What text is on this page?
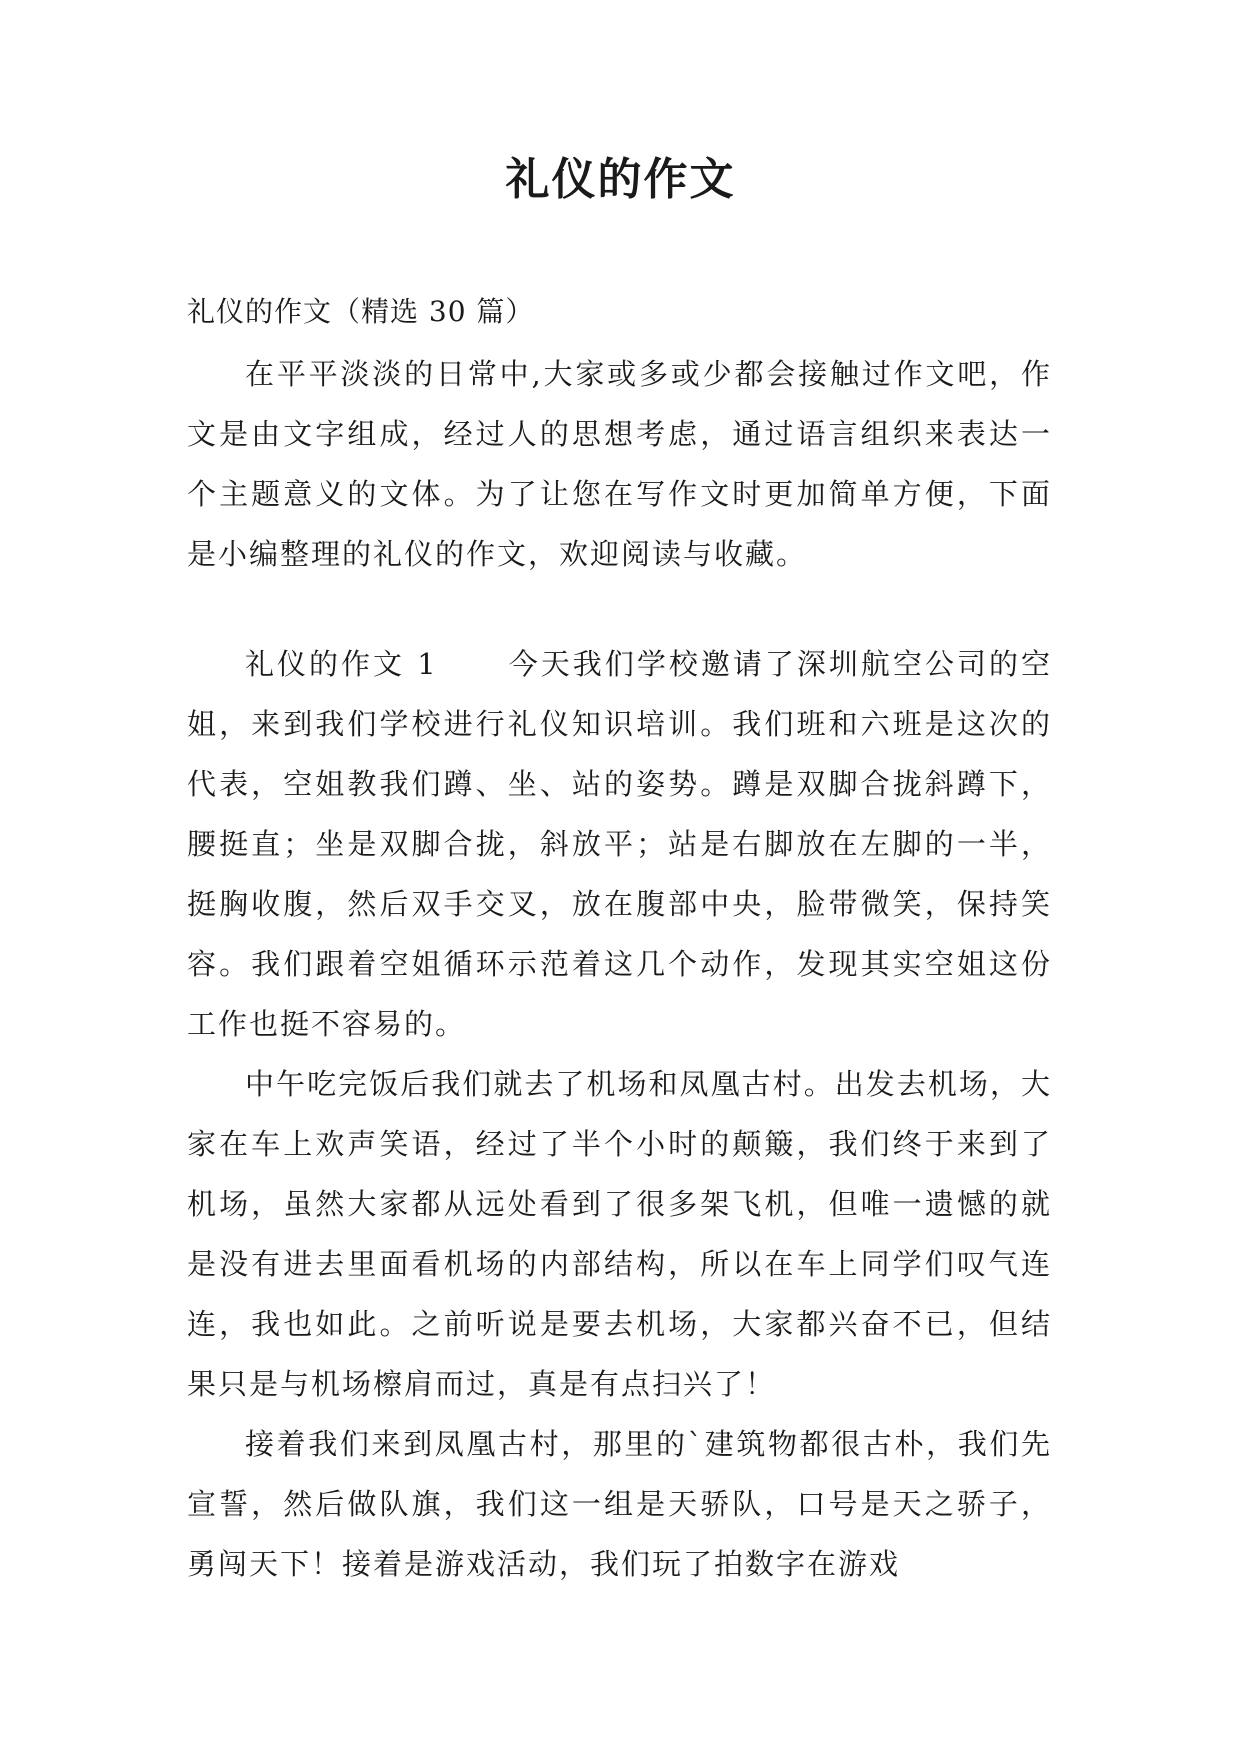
礼仪的作文

礼仪的作文（精选 30 篇）

在平平淡淡的日常中,大家或多或少都会接触过作文吧，作文是由文字组成，经过人的思想考虑，通过语言组织来表达一个主题意义的文体。为了让您在写作文时更加简单方便，下面是小编整理的礼仪的作文，欢迎阅读与收藏。

礼仪的作文 1 今天我们学校邀请了深圳航空公司的空姐，来到我们学校进行礼仪知识培训。我们班和六班是这次的代表，空姐教我们蹲、坐、站的姿势。蹲是双脚合拢斜蹲下，腰挺直；坐是双脚合拢，斜放平；站是右脚放在左脚的一半，挺胸收腹，然后双手交叉，放在腹部中央，脸带微笑，保持笑容。我们跟着空姐循环示范着这几个动作，发现其实空姐这份工作也挺不容易的。

中午吃完饭后我们就去了机场和凤凰古村。出发去机场，大家在车上欢声笑语，经过了半个小时的颠簸，我们终于来到了机场，虽然大家都从远处看到了很多架飞机，但唯一遗憾的就是没有进去里面看机场的内部结构，所以在车上同学们叹气连连，我也如此。之前听说是要去机场，大家都兴奋不已，但结果只是与机场檫肩而过，真是有点扫兴了！

接着我们来到凤凰古村，那里的`建筑物都很古朴，我们先宣誓，然后做队旗，我们这一组是天骄队，口号是天之骄子，勇闯天下！接着是游戏活动，我们玩了拍数字在游戏
